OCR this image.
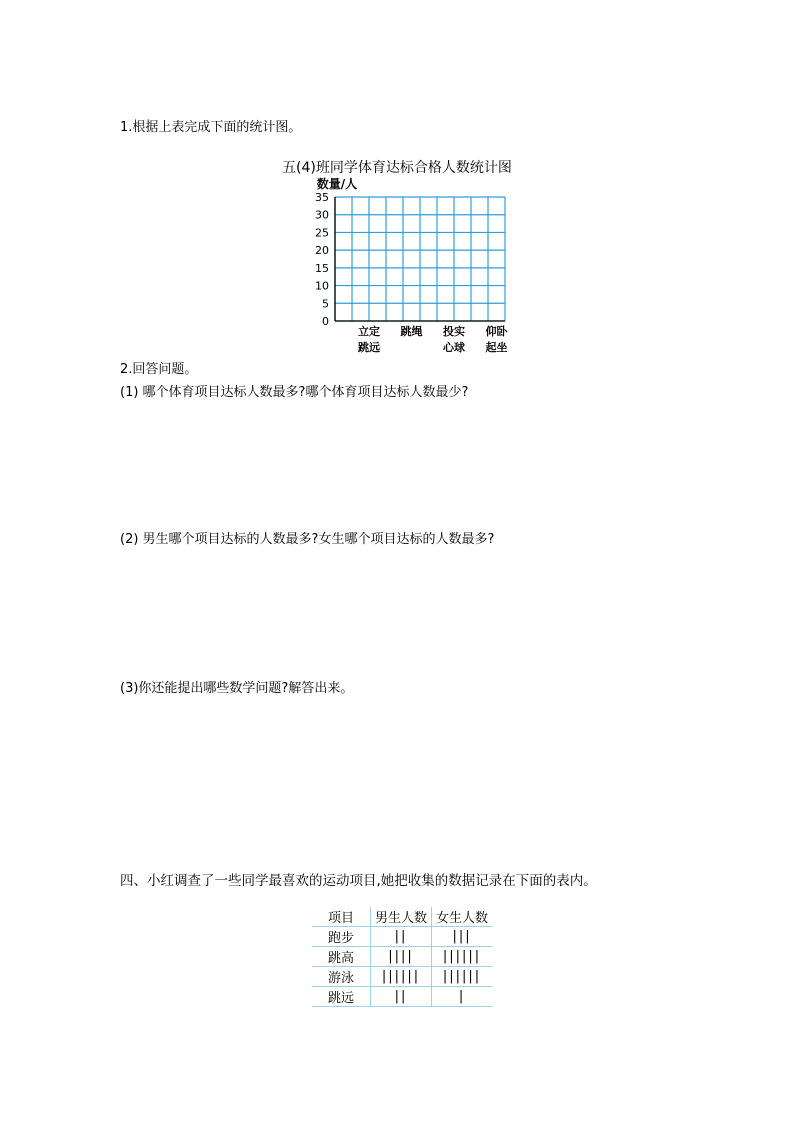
1.根据上表完成下面的统计图。
五(4)班同学体育达标合格人数统计图
数量/人
35
30
25
20
15
10
5
0
立定
跳远
跳绳 投实
心球
仰卧
起坐
2.回答问题。
(1) 哪个体育项目达标人数最多?哪个体育项目达标人数最少?
(2) 男生哪个项目达标的人数最多?女生哪个项目达标的人数最多?
(3)你还能提出哪些数学问题?解答出来。
四、小红调查了一些同学最喜欢的运动项目,她把收集的数据记录在下面的表内。
项目	男生人数	女生人数
跑步	||	|||
跳高	||||	||||||
游泳	||||||	||||||
跳远	||	|
